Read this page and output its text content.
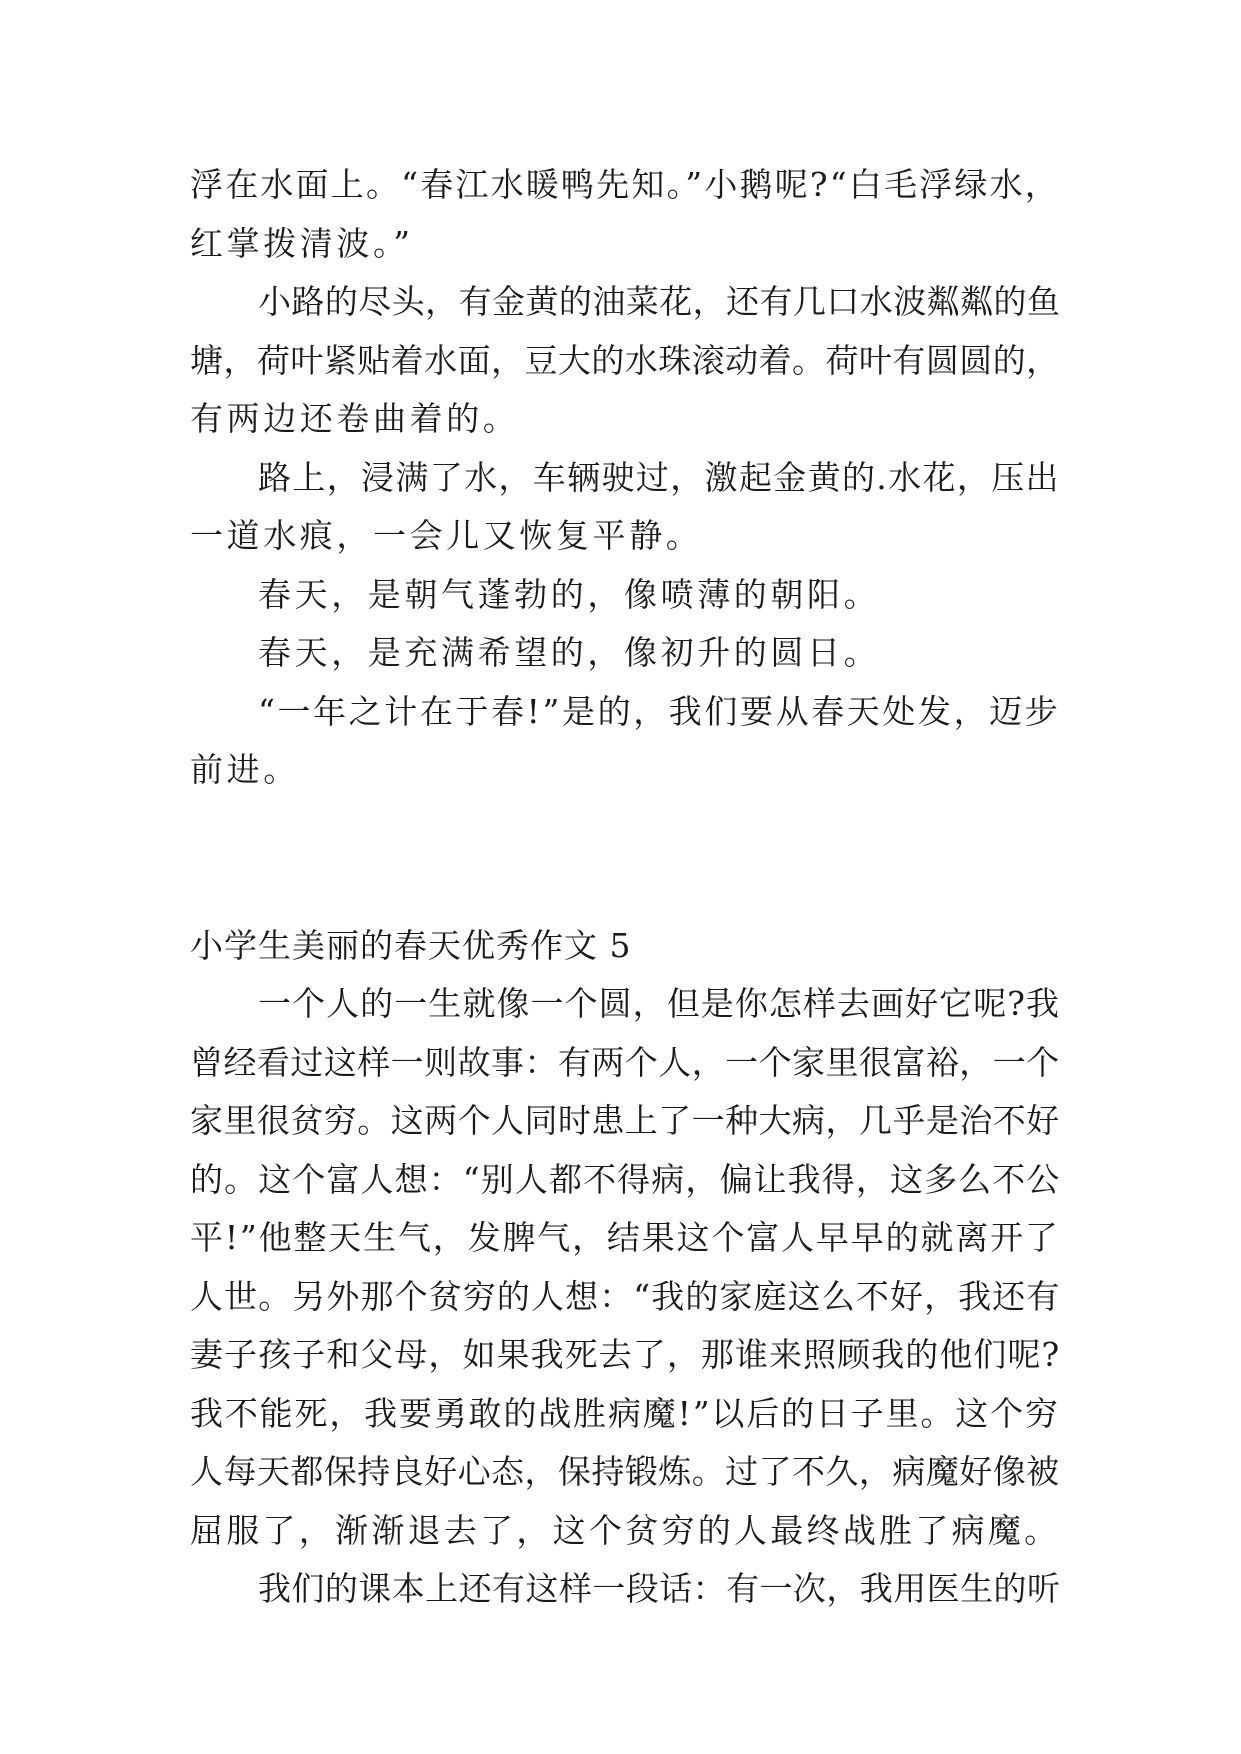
浮在水面上。“春江水暖鸭先知。”小鹅呢?“白毛浮绿水，
红掌拨清波。”

小路的尽头，有金黄的油菜花，还有几口水波粼粼的鱼
塘，荷叶紧贴着水面，豆大的水珠滚动着。荷叶有圆圆的，
有两边还卷曲着的。

路上，浸满了水，车辆驶过，激起金黄的.水花，压出
一道水痕，一会儿又恢复平静。

春天，是朝气蓬勃的，像喷薄的朝阳。

春天，是充满希望的，像初升的圆日。

“一年之计在于春!”是的，我们要从春天处发，迈步
前进。

小学生美丽的春天优秀作文 5

一个人的一生就像一个圆，但是你怎样去画好它呢?我
曾经看过这样一则故事：有两个人，一个家里很富裕，一个
家里很贫穷。这两个人同时患上了一种大病，几乎是治不好
的。这个富人想：“别人都不得病，偏让我得，这多么不公
平!”他整天生气，发脾气，结果这个富人早早的就离开了
人世。另外那个贫穷的人想：“我的家庭这么不好，我还有
妻子孩子和父母，如果我死去了，那谁来照顾我的他们呢?
我不能死，我要勇敢的战胜病魔!”以后的日子里。这个穷
人每天都保持良好心态，保持锻炼。过了不久，病魔好像被
屈服了，渐渐退去了，这个贫穷的人最终战胜了病魔。

我们的课本上还有这样一段话：有一次，我用医生的听
